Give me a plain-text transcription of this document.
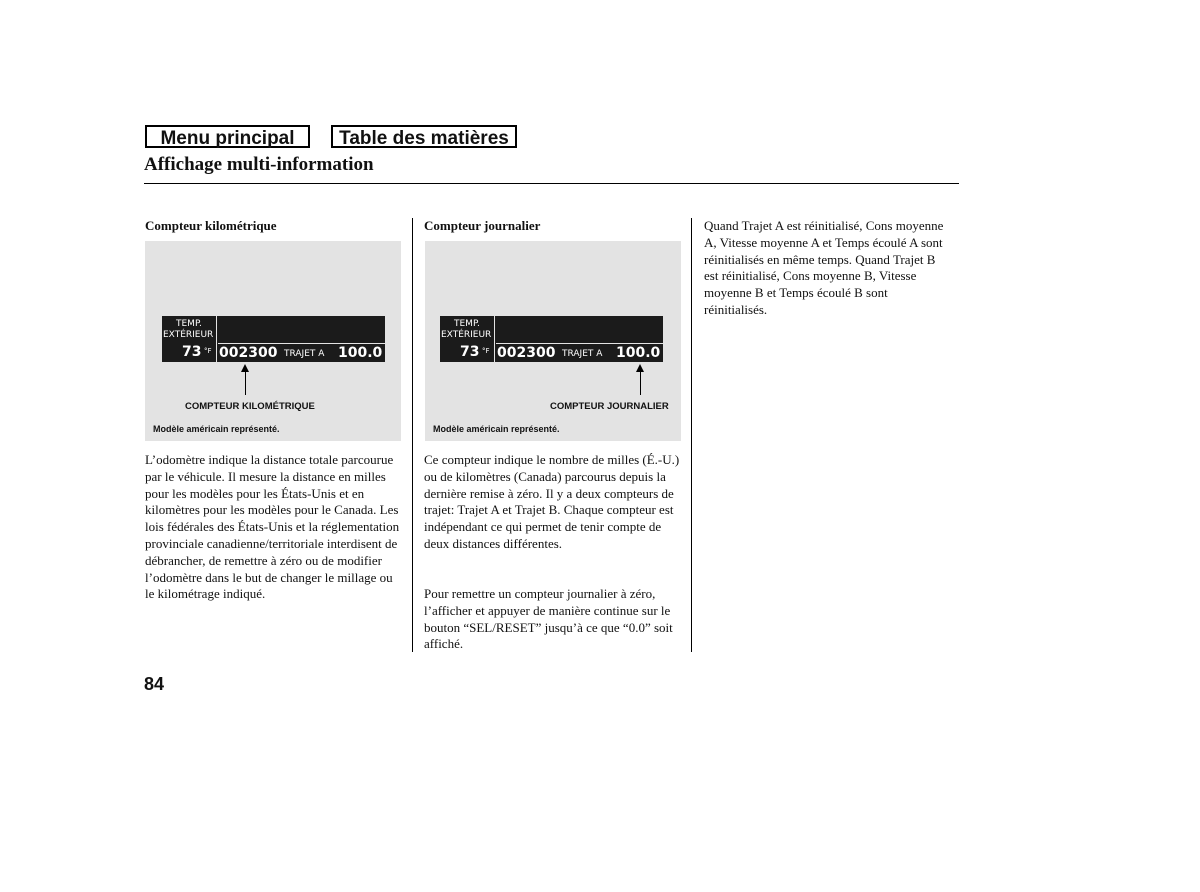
Menu principal	Table des matières
Affichage multi-information
Compteur kilométrique
TEMP.
EXTÉRIEUR
73 °F 002300 TRAJET A 100.0
COMPTEUR KILOMÉTRIQUE
Modèle américain représenté.

L’odomètre indique la distance totale parcourue par le véhicule. Il mesure la distance en milles pour les modèles pour les États-Unis et en kilomètres pour les modèles pour le Canada. Les lois fédérales des États-Unis et la réglementation provinciale canadienne/territoriale interdisent de débrancher, de remettre à zéro ou de modifier l’odomètre dans le but de changer le millage ou le kilométrage indiqué.

Compteur journalier
TEMP.
EXTÉRIEUR
73 °F 002300 TRAJET A 100.0
COMPTEUR JOURNALIER
Modèle américain représenté.

Ce compteur indique le nombre de milles (É.-U.) ou de kilomètres (Canada) parcourus depuis la dernière remise à zéro. Il y a deux compteurs de trajet: Trajet A et Trajet B. Chaque compteur est indépendant ce qui permet de tenir compte de deux distances différentes.

Pour remettre un compteur journalier à zéro, l’afficher et appuyer de manière continue sur le bouton “SEL/RESET” jusqu’à ce que “0.0” soit affiché.

Quand Trajet A est réinitialisé, Cons moyenne A, Vitesse moyenne A et Temps écoulé A sont réinitialisés en même temps. Quand Trajet B est réinitialisé, Cons moyenne B, Vitesse moyenne B et Temps écoulé B sont réinitialisés.

84
